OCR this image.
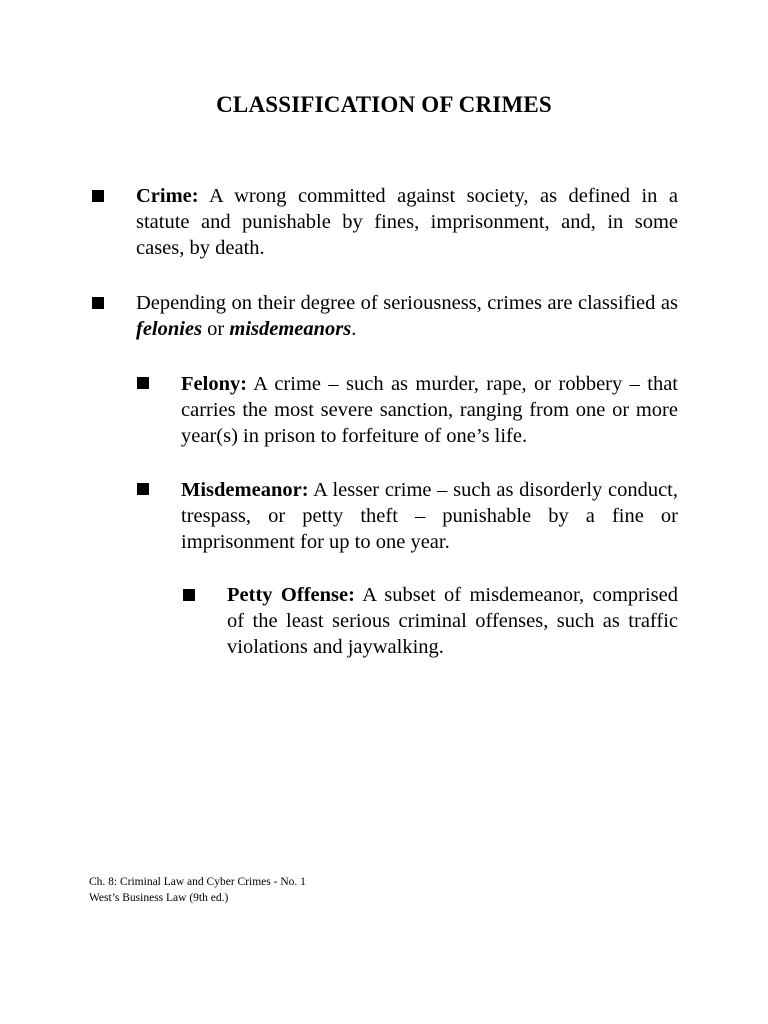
CLASSIFICATION OF CRIMES
Crime: A wrong committed against society, as defined in a statute and punishable by fines, imprisonment, and, in some cases, by death.
Depending on their degree of seriousness, crimes are classified as felonies or misdemeanors.
Felony: A crime – such as murder, rape, or robbery – that carries the most severe sanction, ranging from one or more year(s) in prison to forfeiture of one’s life.
Misdemeanor: A lesser crime – such as disorderly conduct, trespass, or petty theft – punishable by a fine or imprisonment for up to one year.
Petty Offense: A subset of misdemeanor, comprised of the least serious criminal offenses, such as traffic violations and jaywalking.
Ch. 8: Criminal Law and Cyber Crimes - No. 1
West’s Business Law (9th ed.)
